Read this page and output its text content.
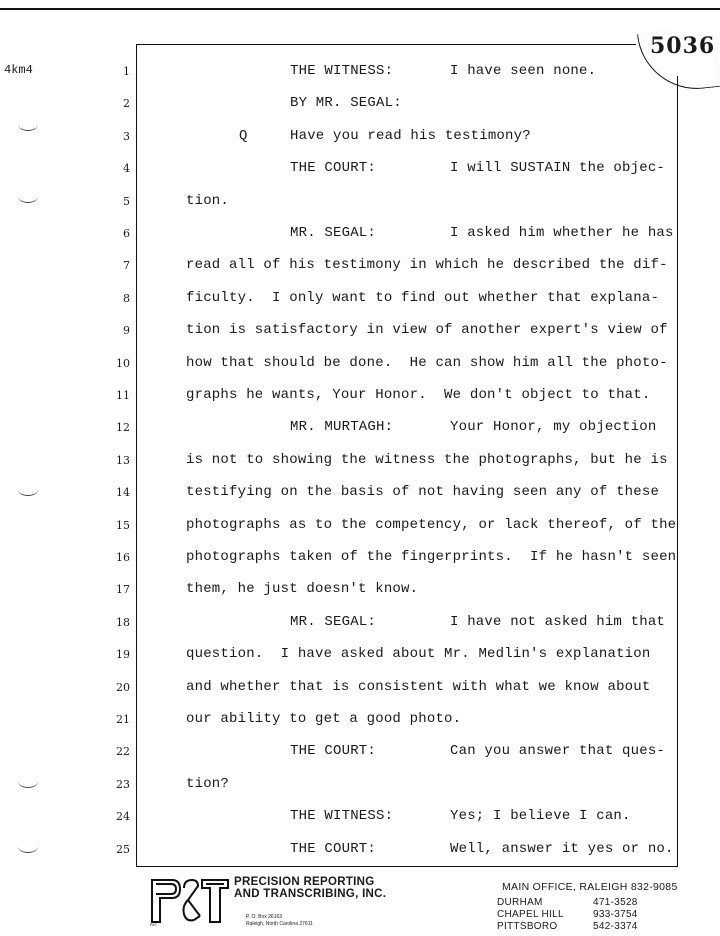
4km4
5036
1	THE WITNESS:	I have seen none.
2	BY MR. SEGAL:
3	Q	Have you read his testimony?
4	THE COURT:	I will SUSTAIN the objec-
5	tion.
6	MR. SEGAL:	I asked him whether he has
7	read all of his testimony in which he described the dif-
8	ficulty.  I only want to find out whether that explana-
9	tion is satisfactory in view of another expert's view of
10	how that should be done.  He can show him all the photo-
11	graphs he wants, Your Honor.  We don't object to that.
12	MR. MURTAGH:	Your Honor, my objection
13	is not to showing the witness the photographs, but he is
14	testifying on the basis of not having seen any of these
15	photographs as to the competency, or lack thereof, of the
16	photographs taken of the fingerprints.  If he hasn't seen
17	them, he just doesn't know.
18	MR. SEGAL:	I have not asked him that
19	question.  I have asked about Mr. Medlin's explanation
20	and whether that is consistent with what we know about
21	our ability to get a good photo.
22	THE COURT:	Can you answer that ques-
23	tion?
24	THE WITNESS:	Yes; I believe I can.
25	THE COURT:	Well, answer it yes or no.
P&T
PRECISION REPORTING
AND TRANSCRIBING, INC.
P. O. Box 26163
Raleigh, North Carolina 27611
MAIN OFFICE, RALEIGH 832-9085
DURHAM	471-3528
CHAPEL HILL	933-3754
PITTSBORO	542-3374
